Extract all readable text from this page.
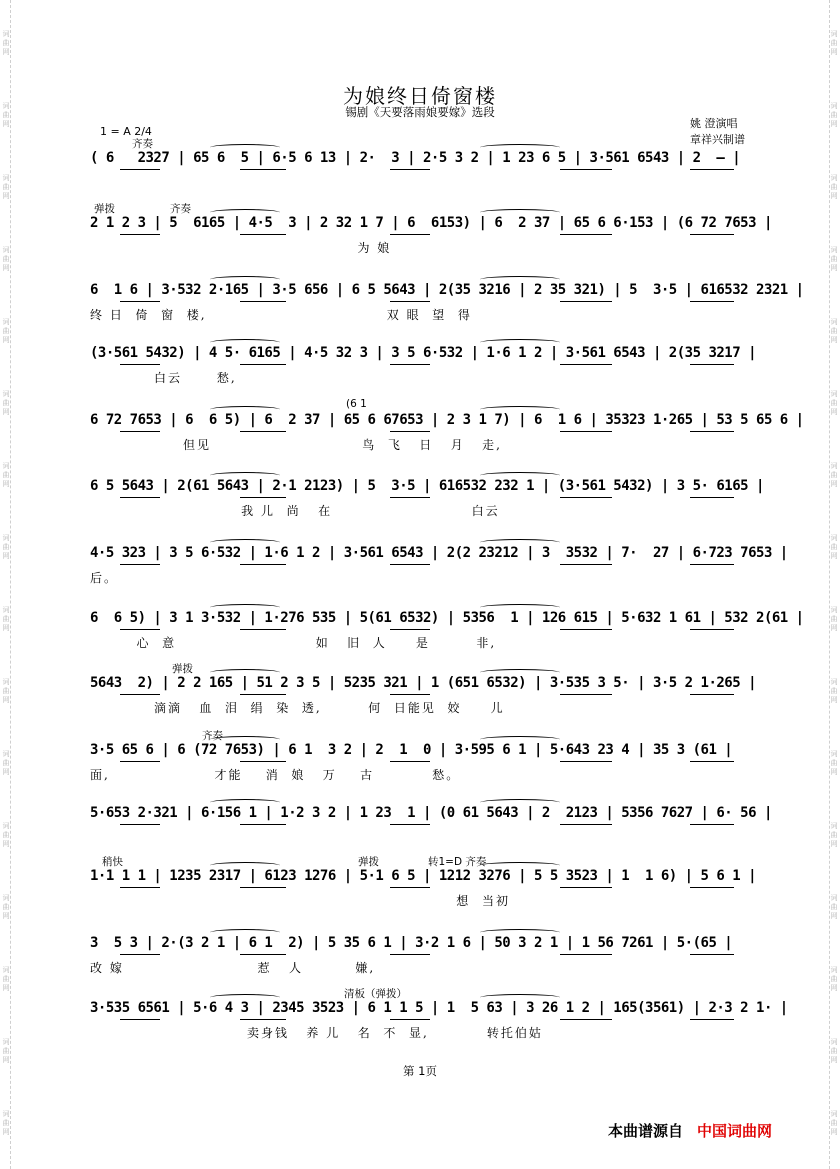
词
曲
网
词
曲
网
词
曲
网
词
曲
网
词
曲
网
词
曲
网
词
曲
网
词
曲
网
词
曲
网
词
曲
网
词
曲
网
词
曲
网
词
曲
网
词
曲
网
词
曲
网
词
曲
网
词
曲
网
词
曲
网
词
曲
网
词
曲
网
词
曲
网
词
曲
网
词
曲
网
词
曲
网
词
曲
网
词
曲
网
词
曲
网
词
曲
网
词
曲
网
词
曲
网
词
曲
网
词
曲
网
为娘终日倚窗楼
锡剧《天要落雨娘要嫁》选段
1 = A 2/4
姚 澄演唱
章祥兴制谱
( 6   2327 | 65 6  5 | 6·5 6 13 | 2·  3 | 2·5 3 2 | 1 23 6 5 | 3·561 6543 | 2  — |
齐奏
2 1 2 3 | 5  6165 | 4·5  3 | 2 32 1 7 | 6  6153) | 6  2 37 | 65 6 6·153 | (6 72 7653 |
为 娘
弹拨	齐奏
6  1 6 | 3·532 2·165 | 3·5 656 | 6 5 5643 | 2(35 3216 | 2 35 321) | 5  3·5 | 616532 2321 |
终 日  倚  窗  楼,                               双 眼  望  得
(3·561 5432) | 4 5· 6165 | 4·5 32 3 | 3 5 6·532 | 1·6 1 2 | 3·561 6543 | 2(35 3217 |
白云      愁,
6 72 7653 | 6  6 5) | 6  2 37 | 65 6 67653 | 2 3 1 7) | 6  1 6 | 35323 1·265 | 53 5 65 6 |
但见                          鸟  飞   日   月   走,
(6 1
6 5 5643 | 2(61 5643 | 2·1 2123) | 5  3·5 | 616532 232 1 | (3·561 5432) | 3 5· 6165 |
我 儿  尚   在                        白云
4·5 323 | 3 5 6·532 | 1·6 1 2 | 3·561 6543 | 2(2 23212 | 3  3532 | 7·  27 | 6·723 7653 |
后。
6  6 5) | 3 1 3·532 | 1·276 535 | 5(61 6532) | 5356  1 | 126 615 | 5·632 1 61 | 532 2(61 |
心  意                        如   旧  人     是        非,
5643  2) | 2 2 165 | 51 2 3 5 | 5235 321 | 1 (651 6532) | 3·535 3 5· | 3·5 2 1·265 |
滴滴   血  泪  绢  染  透,        何  日能见  姣     儿
弹拨
3·5 65 6 | 6 (72 7653) | 6 1  3 2 | 2  1  0 | 3·595 6 1 | 5·643 23 4 | 35 3 (61 |
面,                  才能    消  娘   万    古          愁。
齐奏
5·653 2·321 | 6·156 1 | 1·2 3 2 | 1 23  1 | (0 61 5643 | 2  2123 | 5356 7627 | 6· 56 |
1·1 1 1 | 1235 2317 | 6123 1276 | 5·1 6 5 | 1212 3276 | 5 5 3523 | 1  1 6) | 5 6 1 |
想  当初
稍快	弹拨	转1=D 齐奏
3  5 3 | 2·(3 2 1 | 6 1  2) | 5 35 6 1 | 3·2 1 6 | 50 3 2 1 | 1 56 7261 | 5·(65 |
改 嫁                       惹   人         嫌,
3·535 6561 | 5·6 4 3 | 2345 3523 | 6 1 1 5 | 1  5 63 | 3 26 1 2 | 165(3561) | 2·3 2 1· |
卖身钱   养 儿   名  不  显,          转托伯姑
清板（弹拨）
第 1页
本曲谱源自 中国词曲网
